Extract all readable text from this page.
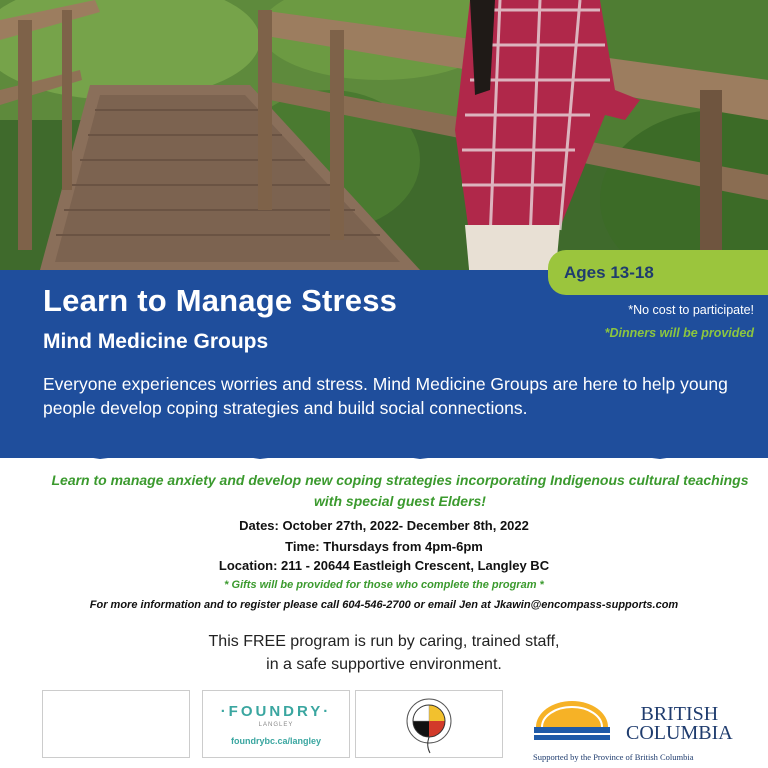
Ages 13-18
Learn to Manage Stress
Mind Medicine Groups
*No cost to participate!
*Dinners will be provided
Everyone experiences worries and stress. Mind Medicine Groups are here to help young people develop coping strategies and build social connections.
Learn to manage anxiety and develop new coping strategies incorporating Indigenous cultural teachings with special guest Elders!
Dates: October 27th, 2022- December 8th, 2022
Time: Thursdays from 4pm-6pm
Location: 211 - 20644 Eastleigh Crescent, Langley BC
* Gifts will be provided for those who complete the program *
For more information and to register please call 604-546-2700 or email Jen at Jkawin@encompass-supports.com
This FREE program is run by caring, trained staff,
in a safe supportive environment.
·FOUNDRY·
LANGLEY
foundrybc.ca/langley
BRITISH
COLUMBIA
Supported by the Province of British Columbia
